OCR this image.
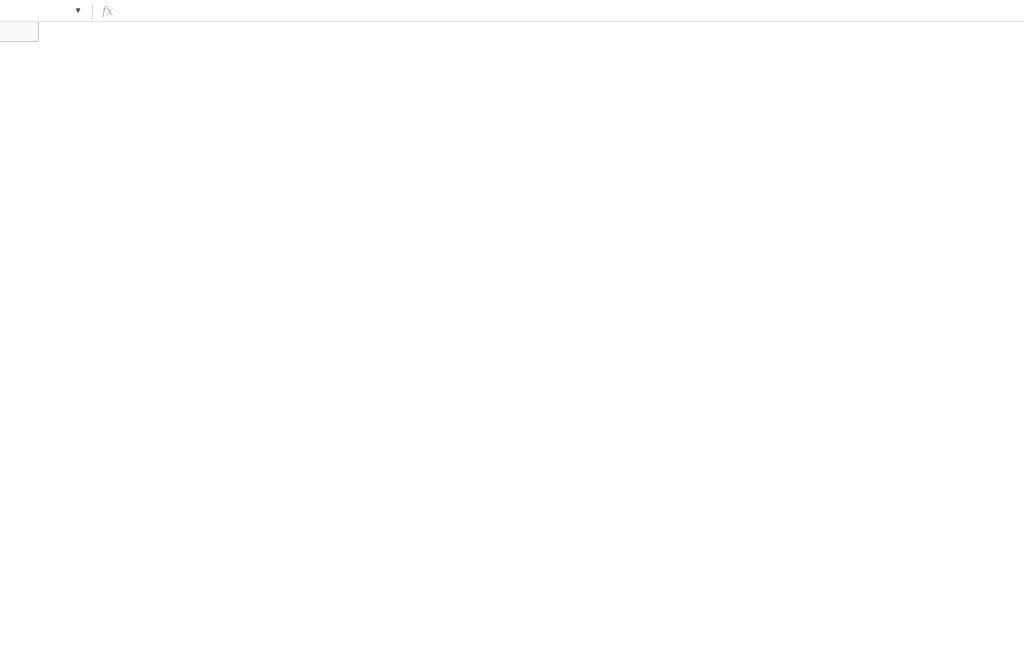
▼ fx
